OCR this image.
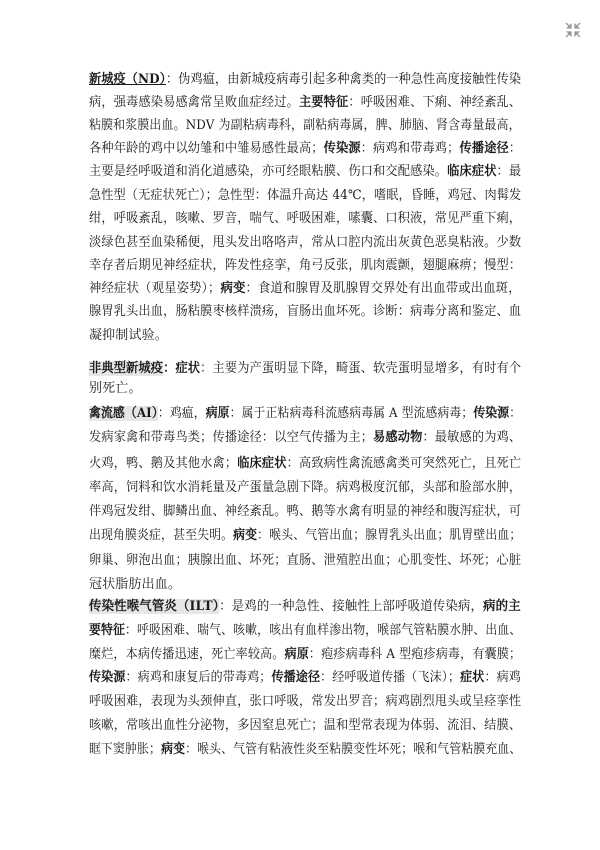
新城疫（ND）：伪鸡瘟，由新城疫病毒引起多种禽类的一种急性高度接触性传染
病，强毒感染易感禽常呈败血症经过。主要特征：呼吸困难、下痢、神经紊乱、
粘膜和浆膜出血。NDV 为副粘病毒科，副粘病毒属，脾、肺脑、肾含毒量最高，
各种年龄的鸡中以幼雏和中雏易感性最高；传染源：病鸡和带毒鸡；传播途径：
主要是经呼吸道和消化道感染，亦可经眼粘膜、伤口和交配感染。临床症状：最
急性型（无症状死亡）；急性型：体温升高达 44℃，嗜眠，昏睡，鸡冠、肉髯发
绀，呼吸紊乱，咳嗽、罗音，喘气、呼吸困难，嗉囊、口积液，常见严重下痢，
淡绿色甚至血染稀便，甩头发出咯咯声，常从口腔内流出灰黄色恶臭粘液。少数
幸存者后期见神经症状，阵发性痉挛，角弓反张，肌肉震颤，翅腿麻痹；慢型：
神经症状（观星姿势）；病变：食道和腺胃及肌腺胃交界处有出血带或出血斑，
腺胃乳头出血，肠粘膜枣核样溃疡，盲肠出血坏死。诊断：病毒分离和鉴定、血
凝抑制试验。
非典型新城疫：症状：主要为产蛋明显下降，畸蛋、软壳蛋明显增多，有时有个
别死亡。
禽流感（AI）：鸡瘟，病原：属于正粘病毒科流感病毒属 A 型流感病毒；传染源：
发病家禽和带毒鸟类；传播途径：以空气传播为主；易感动物：最敏感的为鸡、
火鸡，鸭、鹅及其他水禽；临床症状：高致病性禽流感禽类可突然死亡，且死亡
率高，饲料和饮水消耗量及产蛋量急剧下降。病鸡极度沉郁，头部和脸部水肿，
伴鸡冠发绀、脚鳞出血、神经紊乱。鸭、鹅等水禽有明显的神经和腹泻症状，可
出现角膜炎症，甚至失明。病变：喉头、气管出血；腺胃乳头出血；肌胃壁出血；
卵巢、卵泡出血；胰腺出血、坏死；直肠、泄殖腔出血；心肌变性、坏死；心脏
冠状脂肪出血。
传染性喉气管炎（ILT）：是鸡的一种急性、接触性上部呼吸道传染病，病的主
要特征：呼吸困难、喘气、咳嗽，咳出有血样渗出物，喉部气管粘膜水肿、出血、
糜烂，本病传播迅速，死亡率较高。病原：疱疹病毒科 A 型疱疹病毒，有囊膜；
传染源：病鸡和康复后的带毒鸡；传播途径：经呼吸道传播（飞沫）；症状：病鸡
呼吸困难，表现为头颈伸直，张口呼吸，常发出罗音；病鸡剧烈甩头或呈痉挛性
咳嗽，常咳出血性分泌物，多因窒息死亡；温和型常表现为体弱、流泪、结膜、
眶下窦肿胀；病变：喉头、气管有粘液性炎至粘膜变性坏死；喉和气管粘膜充血、
